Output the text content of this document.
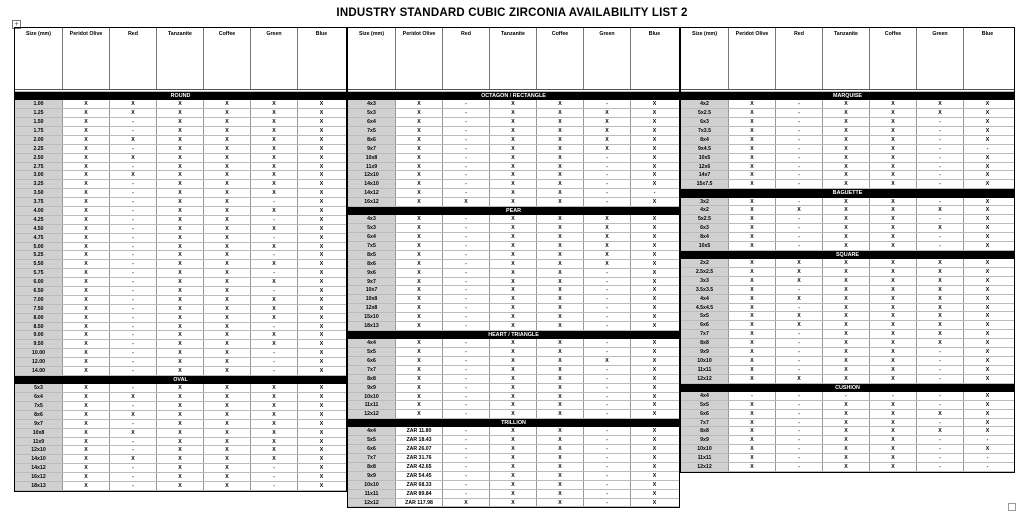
+
INDUSTRY STANDARD CUBIC ZIRCONIA AVAILABILITY LIST 2
Size (mm)	Peridot Olive	Red	Tanzanite	Coffee	Green	Blue
ROUND
1.00	X	X	X	X	X	X
1.25	X	X	X	X	X	X
1.50	X	-	X	X	X	X
1.75	X	-	X	X	X	X
2.00	X	X	X	X	X	X
2.25	X	-	X	X	X	X
2.50	X	X	X	X	X	X
2.75	X	-	X	X	X	X
3.00	X	X	X	X	X	X
3.25	X	-	X	X	X	X
3.50	X	-	X	X	X	X
3.75	X	-	X	X	-	X
4.00	X	-	X	X	X	X
4.25	X	-	X	X	-	X
4.50	X	-	X	X	X	X
4.75	X	-	X	X	-	X
5.00	X	-	X	X	X	X
5.25	X	-	X	X	-	X
5.50	X	-	X	X	X	X
5.75	X	-	X	X	-	X
6.00	X	-	X	X	X	X
6.50	X	-	X	X	-	X
7.00	X	-	X	X	X	X
7.50	X	-	X	X	X	X
8.00	X	-	X	X	X	X
8.50	X	-	X	X	-	X
9.00	X	-	X	X	X	X
9.50	X	-	X	X	X	X
10.00	X	-	X	X	-	X
12.00	X	-	X	X	-	X
14.00	X	-	X	X	-	X
OVAL
5x3	X	-	X	X	X	X
6x4	X	X	X	X	X	X
7x5	X	-	X	X	X	X
8x6	X	X	X	X	X	X
9x7	X	-	X	X	X	X
10x8	X	X	X	X	X	X
11x9	X	-	X	X	X	X
12x10	X	-	X	X	X	X
14x10	X	X	X	X	X	X
14x12	X	-	X	X	-	X
16x12	X	-	X	X	-	X
18x13	X	-	X	X	-	X
Size (mm)	Peridot Olive	Red	Tanzanite	Coffee	Green	Blue
OCTAGON / RECTANGLE
4x3	X	-	X	X	-	X
5x3	X	-	X	X	X	X
6x4	X	-	X	X	X	X
7x5	X	-	X	X	X	X
8x6	X	-	X	X	X	X
9x7	X	-	X	X	X	X
10x8	X	-	X	X	-	X
11x9	X	-	X	X	-	X
12x10	X	-	X	X	-	X
14x10	X	-	X	X	-	X
14x12	X	-	X	X	-	-
16x12	X	X	X	X	-	X
PEAR
4x3	X	-	X	X	X	X
5x3	X	-	X	X	X	X
6x4	X	-	X	X	X	X
7x5	X	-	X	X	X	X
8x5	X	-	X	X	X	X
8x6	X	-	X	X	X	X
9x6	X	-	X	X	-	X
9x7	X	-	X	X	-	X
10x7	X	-	X	X	-	X
10x8	X	-	X	X	-	X
12x8	X	-	X	X	-	X
15x10	X	-	X	X	-	X
18x13	X	-	X	X	-	X
HEART / TRIANGLE
4x4	X	-	X	X	-	X
5x5	X	-	X	X	-	X
6x6	X	-	X	X	X	X
7x7	X	-	X	X	-	X
8x8	X	-	X	X	-	X
9x9	X	-	X	X	-	X
10x10	X	-	X	X	-	X
11x11	X	-	X	X	-	X
12x12	X	-	X	X	-	X
TRILLION
4x4	ZAR 11.80	-	X	X	-	X
5x5	ZAR 18.43	-	X	X	-	X
6x6	ZAR 26.07	-	X	X	-	X
7x7	ZAR 31.76	-	X	X	-	X
8x8	ZAR 42.65	-	X	X	-	X
9x9	ZAR 54.45	-	X	X	-	X
10x10	ZAR 68.33	-	X	X	-	X
11x11	ZAR 89.84	-	X	X	-	X
12x12	ZAR 117.98	X	X	X	-	X
Size (mm)	Peridot Olive	Red	Tanzanite	Coffee	Green	Blue
MARQUISE
4x2	X	-	X	X	X	X
5x2.5	X	-	X	X	X	X
6x3	X	-	X	X	-	X
7x3.5	X	-	X	X	-	X
8x4	X	-	X	X	-	X
9x4.5	X	-	X	X	-	-
10x5	X	-	X	X	-	X
12x6	X	-	X	X	-	X
14x7	X	-	X	X	-	X
15x7.5	X	-	X	X	-	X
BAGUETTE
3x2	X	-	X	X	-	X
4x2	X	X	X	X	X	X
5x2.5	X	-	X	X	-	X
6x3	X	-	X	X	X	X
8x4	X	-	X	X	-	X
10x5	X	-	X	X	-	X
SQUARE
2x2	X	X	X	X	X	X
2.5x2.5	X	X	X	X	X	X
3x3	X	X	X	X	X	X
3.5x3.5	X	-	X	X	X	X
4x4	X	X	X	X	X	X
4.5x4.5	X	-	X	X	X	X
5x5	X	X	X	X	X	X
6x6	X	X	X	X	X	X
7x7	X	-	X	X	X	X
8x8	X	-	X	X	X	X
9x9	X	-	X	X	-	X
10x10	X	-	X	X	-	X
11x11	X	-	X	X	-	X
12x12	X	X	X	X	-	X
CUSHION
4x4	-	-	-	-	-	X
5x5	X	-	X	X	-	X
6x6	X	-	X	X	X	X
7x7	X	-	X	X	-	X
8x8	X	-	X	X	X	X
9x9	X	-	X	X	-	-
10x10	X	-	X	X	-	X
11x11	X	-	X	X	-	-
12x12	X	-	X	X	-	-
